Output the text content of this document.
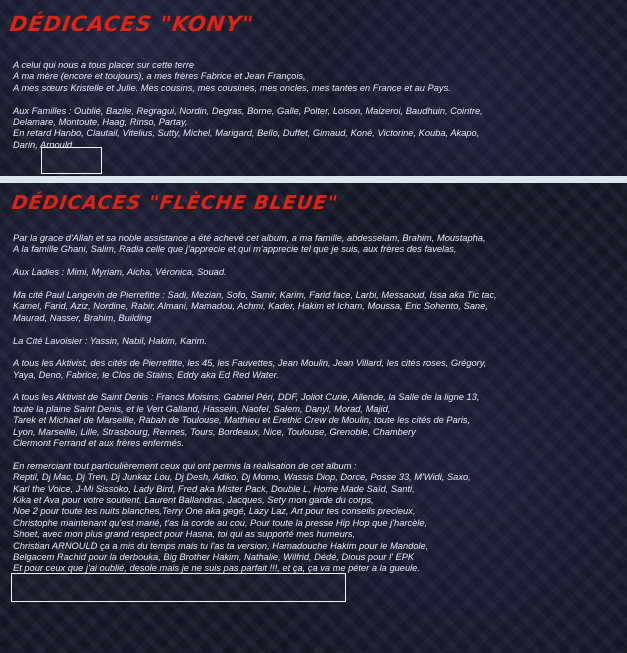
DÉDICACES "KONY"
DÉDICACES "FLÈCHE BLEUE"
A celui qui nous a tous placer sur cette terre
A ma mère (encore et toujours), a mes frères Fabrice et Jean François,
A mes sœurs Kristelle et Julie. Mes cousins, mes cousines, mes oncles, mes tantes en France et au Pays.
Aux Familles : Oublié, Bazile, Regragui, Nordin, Degras, Borne, Galle, Polter, Loison, Maizeroi, Baudhuin, Cointre,
Delamare, Montoute, Haag, Rinso, Partay,
En retard Hanbo, Clautail, Vitelius, Sutty, Michel, Marigard, Bello, Duffet, Gimaud, Koné, Victorine, Kouba, Akapo,
Darin, Arnould
Par la grace d'Allah et sa noble assistance a été achevé cet album, a ma famille, abdesselam, Brahim, Moustapha,
A la famille Ghani, Salim, Radia celle que j'apprecie et qui m'apprecie tel que je suis, aux frères des favelas,
Aux Ladies : Mimi, Myriam, Aicha, Véronica, Souad.
Ma cité Paul Langevin de Pierrefitte : Sadi, Mezian, Sofo, Samir, Karim, Farid face, Larbi, Messaoud, Issa aka Tic tac,
Kamel, Farid, Aziz, Nordine, Rabir, Almani, Mamadou, Achmi, Kader, Hakim et Icham, Moussa, Eric Sohento, Sane,
Maurad, Nasser, Brahim, Building
La Cité Lavoisier : Yassin, Nabil, Hakim, Karim.
A tous les Aktivist, des cités de Pierrefitte, les 45, les Fauvettes, Jean Moulin, Jean Villard, les cités roses, Grégory,
Yaya, Deno, Fabrice, le Clos de Stains, Eddy aka Ed Red Water.
A tous les Aktivist de Saint Denis : Francs Moisins, Gabriel Péri, DDF, Joliot Curie, Allende, la Salle de la ligne 13,
toute la plaine Saint Denis, et le Vert Galland, Hassein, Naofel, Salem, Danyl, Morad, Majid,
Tarek et Michael de Marseille, Rabah de Toulouse, Matthieu et Erethic Crew de Moulin, toute les cités de Paris,
Lyon, Marseille, Lille, Strasbourg, Rennes, Tours, Bordeaux, Nice, Toulouse, Grenoble, Chambery
Clermont Ferrand et aux frères enfermés.
En remerciant tout particulièrement ceux qui ont permis la réalisation de cet album :
Reptil, Dj Mac, Dj Tren, Dj Junkaz Lou, Dj Desh, Adiko, Dj Momo, Wassis Diop, Dorce, Posse 33, M'Widi, Saxo,
Karl the Voice, J-Mi Sissoko, Lady Bird, Fred aka Mister Pack, Double L, Home Made Saïd, Santi,
Kika et Ava pour votre soutient, Laurent Ballandras, Jacques, Sety mon garde du corps,
Noe 2 pour toute tes nuits blanches,Terry One aka gegé, Lazy Laz, Art pour tes conseils precieux,
Christophe maintenant qu'est marié, t'as la corde au cou, Pour toute la presse Hip Hop que j'harcèle,
Shoet, avec mon plus grand respect pour Hasna, toi qui as supporté mes humeurs,
Christian ARNOULD ça a mis du temps mais tu l'as ta version, Hamadouche Hakim pour le Mandole,
Belgacem Rachid pour la derbouka, Big Brother Hakim, Nathalie, Wilfrid, Dédé, Dious pour l' EPK
Et pour ceux que j'ai oublié, desole mais je ne suis pas parfait !!!, et ça, ça va me péter a la gueule.
